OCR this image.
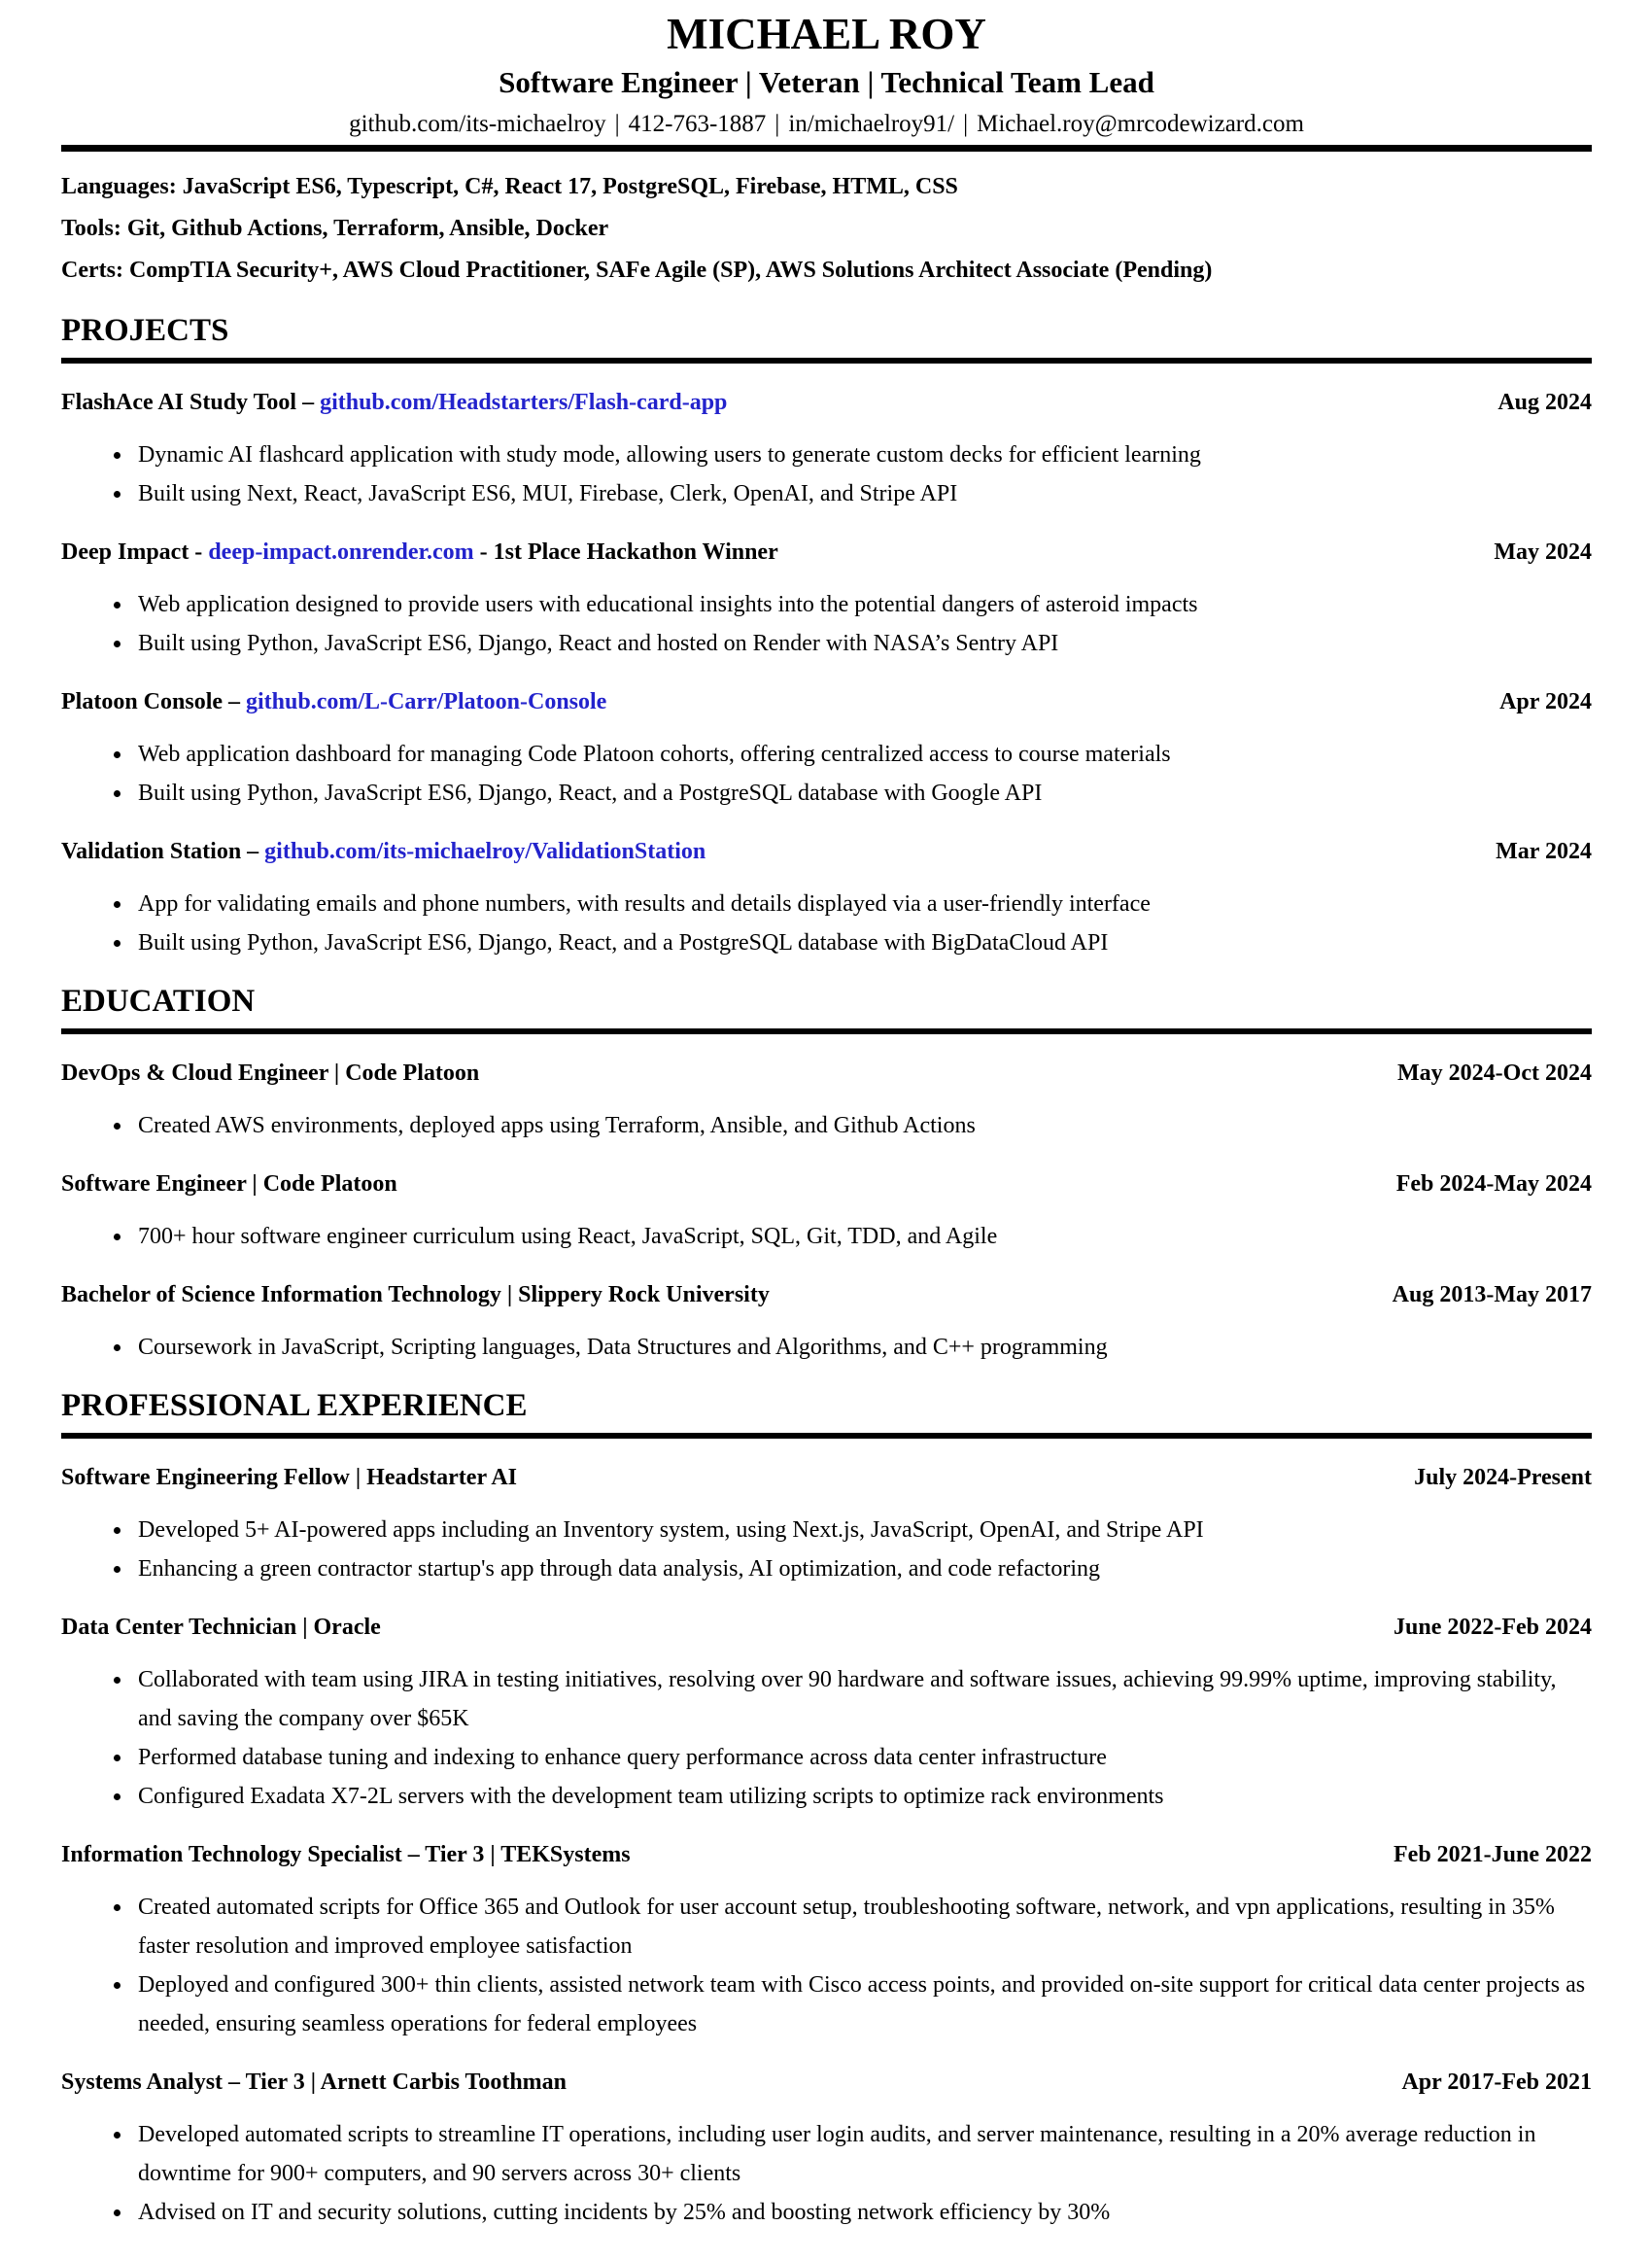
MICHAEL ROY
Software Engineer | Veteran | Technical Team Lead
github.com/its-michaelroy | 412-763-1887 | in/michaelroy91/ | Michael.roy@mrcodewizard.com
Languages: JavaScript ES6, Typescript, C#, React 17, PostgreSQL, Firebase, HTML, CSS
Tools: Git, Github Actions, Terraform, Ansible, Docker
Certs: CompTIA Security+, AWS Cloud Practitioner, SAFe Agile (SP), AWS Solutions Architect Associate (Pending)
PROJECTS
FlashAce AI Study Tool – github.com/Headstarters/Flash-card-app	Aug 2024
• Dynamic AI flashcard application with study mode, allowing users to generate custom decks for efficient learning
• Built using Next, React, JavaScript ES6, MUI, Firebase, Clerk, OpenAI, and Stripe API
Deep Impact - deep-impact.onrender.com - 1st Place Hackathon Winner	May 2024
• Web application designed to provide users with educational insights into the potential dangers of asteroid impacts
• Built using Python, JavaScript ES6, Django, React and hosted on Render with NASA’s Sentry API
Platoon Console – github.com/L-Carr/Platoon-Console	Apr 2024
• Web application dashboard for managing Code Platoon cohorts, offering centralized access to course materials
• Built using Python, JavaScript ES6, Django, React, and a PostgreSQL database with Google API
Validation Station – github.com/its-michaelroy/ValidationStation	Mar 2024
• App for validating emails and phone numbers, with results and details displayed via a user-friendly interface
• Built using Python, JavaScript ES6, Django, React, and a PostgreSQL database with BigDataCloud API
EDUCATION
DevOps & Cloud Engineer | Code Platoon	May 2024-Oct 2024
• Created AWS environments, deployed apps using Terraform, Ansible, and Github Actions
Software Engineer | Code Platoon	Feb 2024-May 2024
• 700+ hour software engineer curriculum using React, JavaScript, SQL, Git, TDD, and Agile
Bachelor of Science Information Technology | Slippery Rock University	Aug 2013-May 2017
• Coursework in JavaScript, Scripting languages, Data Structures and Algorithms, and C++ programming
PROFESSIONAL EXPERIENCE
Software Engineering Fellow | Headstarter AI	July 2024-Present
• Developed 5+ AI-powered apps including an Inventory system, using Next.js, JavaScript, OpenAI, and Stripe API
• Enhancing a green contractor startup's app through data analysis, AI optimization, and code refactoring
Data Center Technician | Oracle	June 2022-Feb 2024
• Collaborated with team using JIRA in testing initiatives, resolving over 90 hardware and software issues, achieving 99.99% uptime, improving stability, and saving the company over $65K
• Performed database tuning and indexing to enhance query performance across data center infrastructure
• Configured Exadata X7-2L servers with the development team utilizing scripts to optimize rack environments
Information Technology Specialist – Tier 3 | TEKSystems	Feb 2021-June 2022
• Created automated scripts for Office 365 and Outlook for user account setup, troubleshooting software, network, and vpn applications, resulting in 35% faster resolution and improved employee satisfaction
• Deployed and configured 300+ thin clients, assisted network team with Cisco access points, and provided on-site support for critical data center projects as needed, ensuring seamless operations for federal employees
Systems Analyst – Tier 3 | Arnett Carbis Toothman	Apr 2017-Feb 2021
• Developed automated scripts to streamline IT operations, including user login audits, and server maintenance, resulting in a 20% average reduction in downtime for 900+ computers, and 90 servers across 30+ clients
• Advised on IT and security solutions, cutting incidents by 25% and boosting network efficiency by 30%
